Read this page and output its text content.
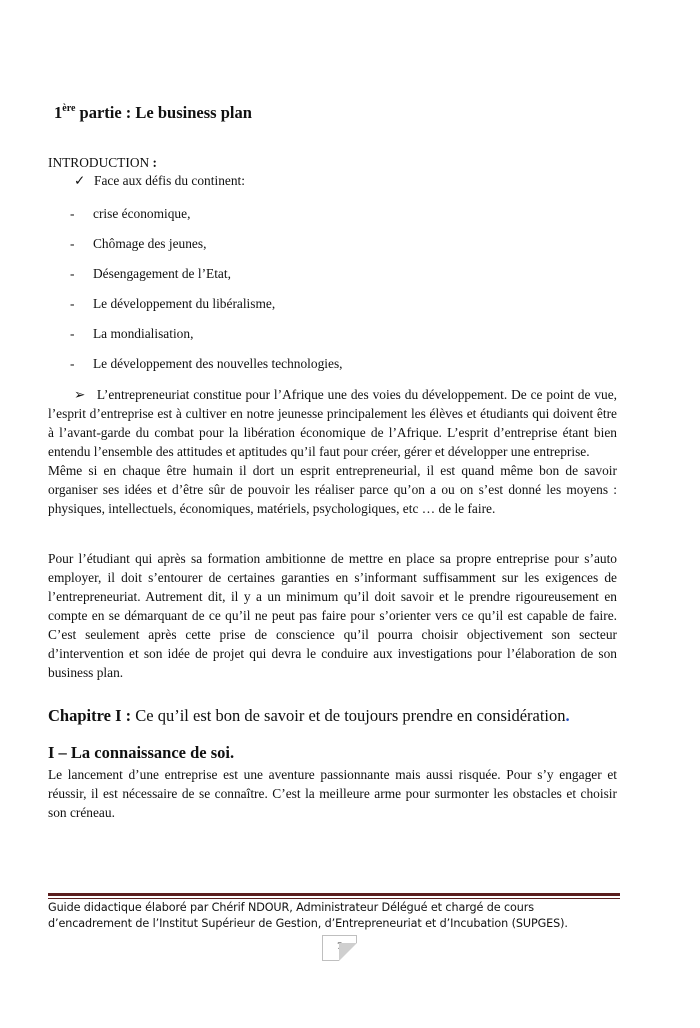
1ère partie : Le business plan
INTRODUCTION :
✓ Face aux défis du continent:
- crise économique,
- Chômage des jeunes,
- Désengagement de l’Etat,
- Le développement du libéralisme,
- La mondialisation,
- Le développement des nouvelles technologies,

➢   L’entrepreneuriat constitue pour l’Afrique une des voies du développement. De ce point de vue, l’esprit d’entreprise est à cultiver en notre jeunesse principalement les élèves et étudiants qui doivent être à l’avant-garde du combat pour la libération économique de l’Afrique. L’esprit d’entreprise étant bien entendu l’ensemble des attitudes et aptitudes qu’il faut pour créer, gérer et développer une entreprise.

Même si en chaque être humain il dort un esprit entrepreneurial, il est quand même bon de savoir organiser ses idées et d’être sûr de pouvoir les réaliser parce qu’on a ou on s’est donné les moyens : physiques, intellectuels, économiques, matériels, psychologiques, etc … de le faire.

Pour l’étudiant qui après sa formation ambitionne de mettre en place sa propre entreprise pour s’auto employer, il doit s’entourer de certaines garanties en s’informant suffisamment sur les exigences de l’entrepreneuriat. Autrement dit, il y a un minimum qu’il doit savoir et le prendre rigoureusement en compte en se démarquant de ce qu’il ne peut pas faire pour s’orienter vers ce qu’il est capable de faire. C’est seulement après cette prise de conscience qu’il pourra choisir objectivement son secteur d’intervention et son idée de projet qui devra le conduire aux investigations pour l’élaboration de son business plan.

Chapitre I : Ce qu’il est bon de savoir et de toujours prendre en considération.
I – La connaissance de soi.

Le lancement d’une entreprise est une aventure passionnante mais aussi risquée. Pour s’y engager et réussir, il est nécessaire de se connaître. C’est la meilleure arme pour surmonter les obstacles et choisir son créneau.

Guide didactique élaboré par Chérif NDOUR, Administrateur Délégué et chargé de cours
d’encadrement de l’Institut Supérieur de Gestion, d’Entrepreneuriat et d’Incubation (SUPGES).
7
